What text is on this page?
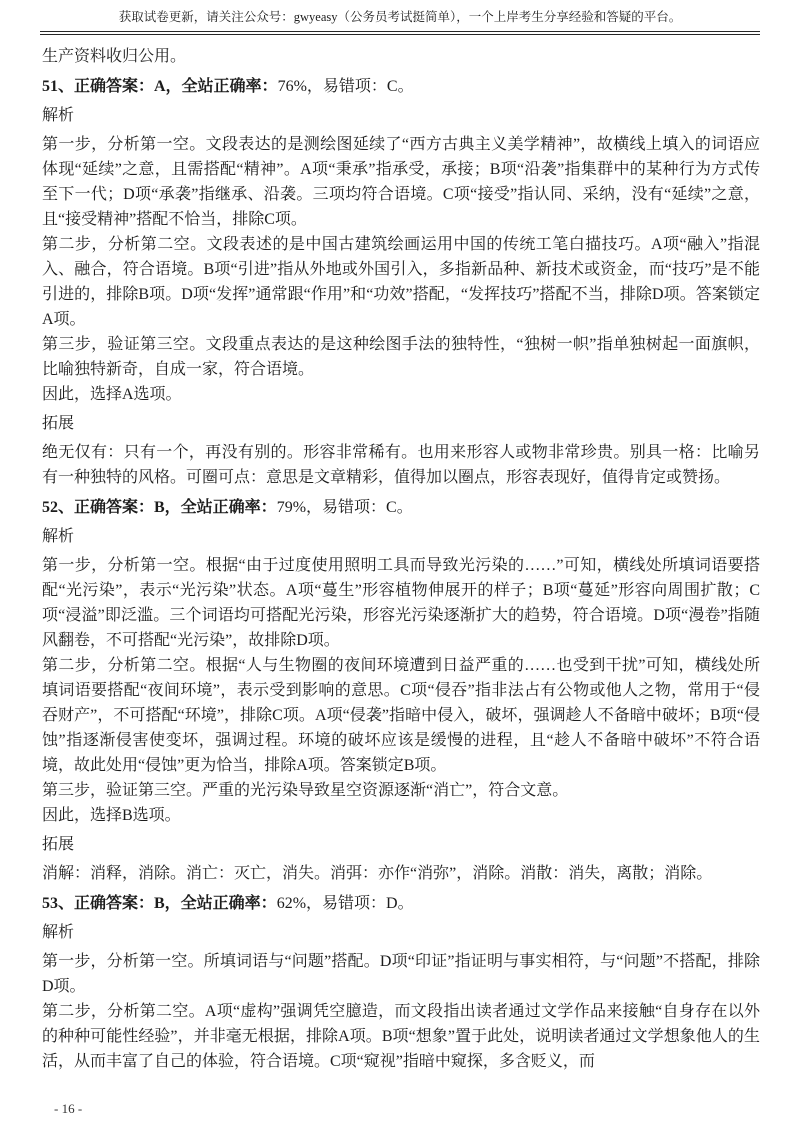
获取试卷更新，请关注公众号：gwyeasy（公务员考试挺简单），一个上岸考生分享经验和答疑的平台。

生产资料收归公用。

51、正确答案：A，全站正确率：76%，易错项：C。

解析

第一步，分析第一空。文段表达的是测绘图延续了“西方古典主义美学精神”，故横线上填入的词语应体现“延续”之意，且需搭配“精神”。A项“秉承”指承受，承接；B项“沿袭”指集群中的某种行为方式传至下一代；D项“承袭”指继承、沿袭。三项均符合语境。C项“接受”指认同、采纳，没有“延续”之意，且“接受精神”搭配不恰当，排除C项。

第二步，分析第二空。文段表述的是中国古建筑绘画运用中国的传统工笔白描技巧。A项“融入”指混入、融合，符合语境。B项“引进”指从外地或外国引入，多指新品种、新技术或资金，而“技巧”是不能引进的，排除B项。D项“发挥”通常跟“作用”和“功效”搭配，“发挥技巧”搭配不当，排除D项。答案锁定A项。

第三步，验证第三空。文段重点表达的是这种绘图手法的独特性，“独树一帜”指单独树起一面旗帜，比喻独特新奇，自成一家，符合语境。

因此，选择A选项。

拓展

绝无仅有：只有一个，再没有别的。形容非常稀有。也用来形容人或物非常珍贵。别具一格：比喻另有一种独特的风格。可圈可点：意思是文章精彩，值得加以圈点，形容表现好，值得肯定或赞扬。

52、正确答案：B，全站正确率：79%，易错项：C。

解析

第一步，分析第一空。根据“由于过度使用照明工具而导致光污染的……”可知，横线处所填词语要搭配“光污染”，表示“光污染”状态。A项“蔓生”形容植物伸展开的样子；B项“蔓延”形容向周围扩散；C项“浸溢”即泛滥。三个词语均可搭配光污染，形容光污染逐渐扩大的趋势，符合语境。D项“漫卷”指随风翻卷，不可搭配“光污染”，故排除D项。

第二步，分析第二空。根据“人与生物圈的夜间环境遭到日益严重的……也受到干扰”可知，横线处所填词语要搭配“夜间环境”，表示受到影响的意思。C项“侵吞”指非法占有公物或他人之物，常用于“侵吞财产”，不可搭配“环境”，排除C项。A项“侵袭”指暗中侵入，破坏，强调趁人不备暗中破坏；B项“侵蚀”指逐渐侵害使变坏，强调过程。环境的破坏应该是缓慢的进程，且“趁人不备暗中破坏”不符合语境，故此处用“侵蚀”更为恰当，排除A项。答案锁定B项。

第三步，验证第三空。严重的光污染导致星空资源逐渐“消亡”，符合文意。

因此，选择B选项。

拓展

消解：消释，消除。消亡：灭亡，消失。消弭：亦作“消弥”，消除。消散：消失，离散；消除。

53、正确答案：B，全站正确率：62%，易错项：D。

解析

第一步，分析第一空。所填词语与“问题”搭配。D项“印证”指证明与事实相符，与“问题”不搭配，排除D项。

第二步，分析第二空。A项“虚构”强调凭空臆造，而文段指出读者通过文学作品来接触“自身存在以外的种种可能性经验”，并非毫无根据，排除A项。B项“想象”置于此处，说明读者通过文学想象他人的生活，从而丰富了自己的体验，符合语境。C项“窥视”指暗中窥探，多含贬义，而

- 16 -
